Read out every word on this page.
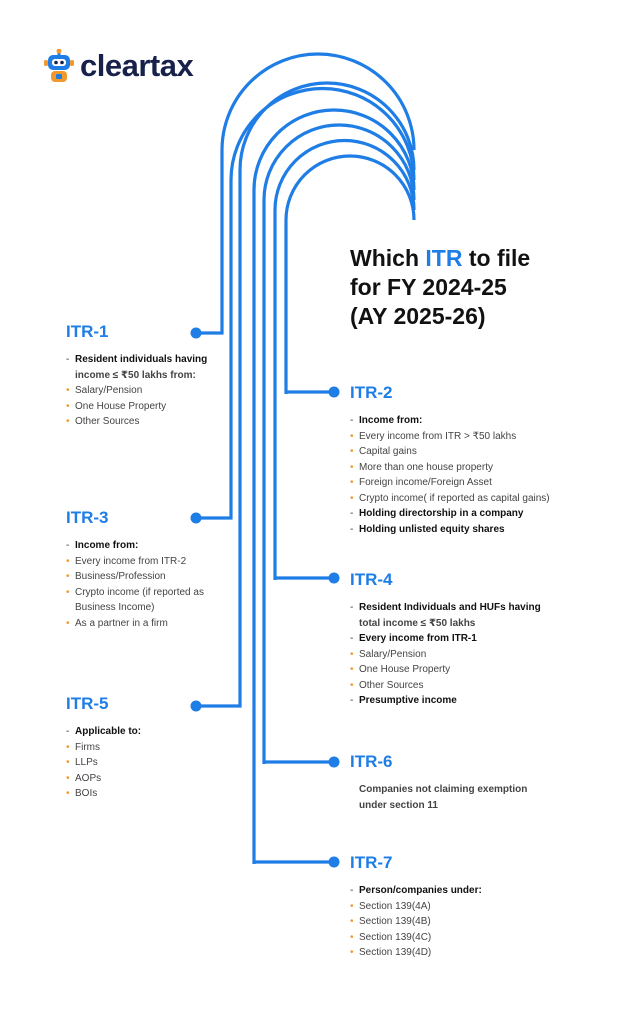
cleartax
Which ITR to file
for FY 2024-25
(AY 2025-26)
ITR-1
- Resident individuals having
income ≤ ₹50 lakhs from:
• Salary/Pension
• One House Property
• Other Sources
ITR-2
- Income from:
• Every income from ITR > ₹50 lakhs
• Capital gains
• More than one house property
• Foreign income/Foreign Asset
• Crypto income( if reported as capital gains)
- Holding directorship in a company
- Holding unlisted equity shares
ITR-3
- Income from:
• Every income from ITR-2
• Business/Profession
• Crypto income (if reported as
Business Income)
• As a partner in a firm
ITR-4
- Resident Individuals and HUFs having
total income ≤ ₹50 lakhs
- Every income from ITR-1
• Salary/Pension
• One House Property
• Other Sources
- Presumptive income
ITR-5
- Applicable to:
• Firms
• LLPs
• AOPs
• BOIs
ITR-6
Companies not claiming exemption
under section 11
ITR-7
- Person/companies under:
• Section 139(4A)
• Section 139(4B)
• Section 139(4C)
• Section 139(4D)
